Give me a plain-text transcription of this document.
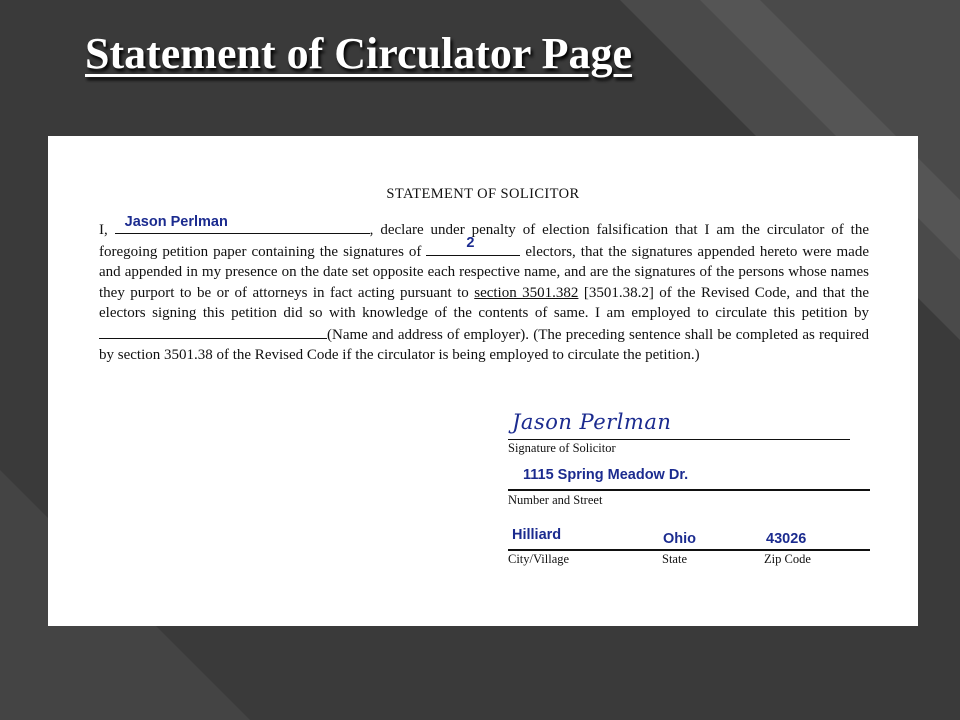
Statement of Circulator Page
STATEMENT OF SOLICITOR
I,
Jason Perlman
, declare under penalty of election falsification that I am the circulator of the foregoing petition paper containing the signatures of
2
electors, that the signatures appended hereto were made and appended in my presence on the date set opposite each respective name, and are the signatures of the persons whose names they purport to be or of attorneys in fact acting pursuant to section 3501.382 [3501.38.2] of the Revised Code, and that the electors signing this petition did so with knowledge of the contents of same. I am employed to circulate this petition by
(Name and address of employer). (The preceding sentence shall be completed as required by section 3501.38 of the Revised Code if the circulator is being employed to circulate the petition.)
Jason Perlman
Signature of Solicitor
1115 Spring Meadow Dr.
Number and Street
Hilliard	Ohio	43026
City/Village	State	Zip Code
